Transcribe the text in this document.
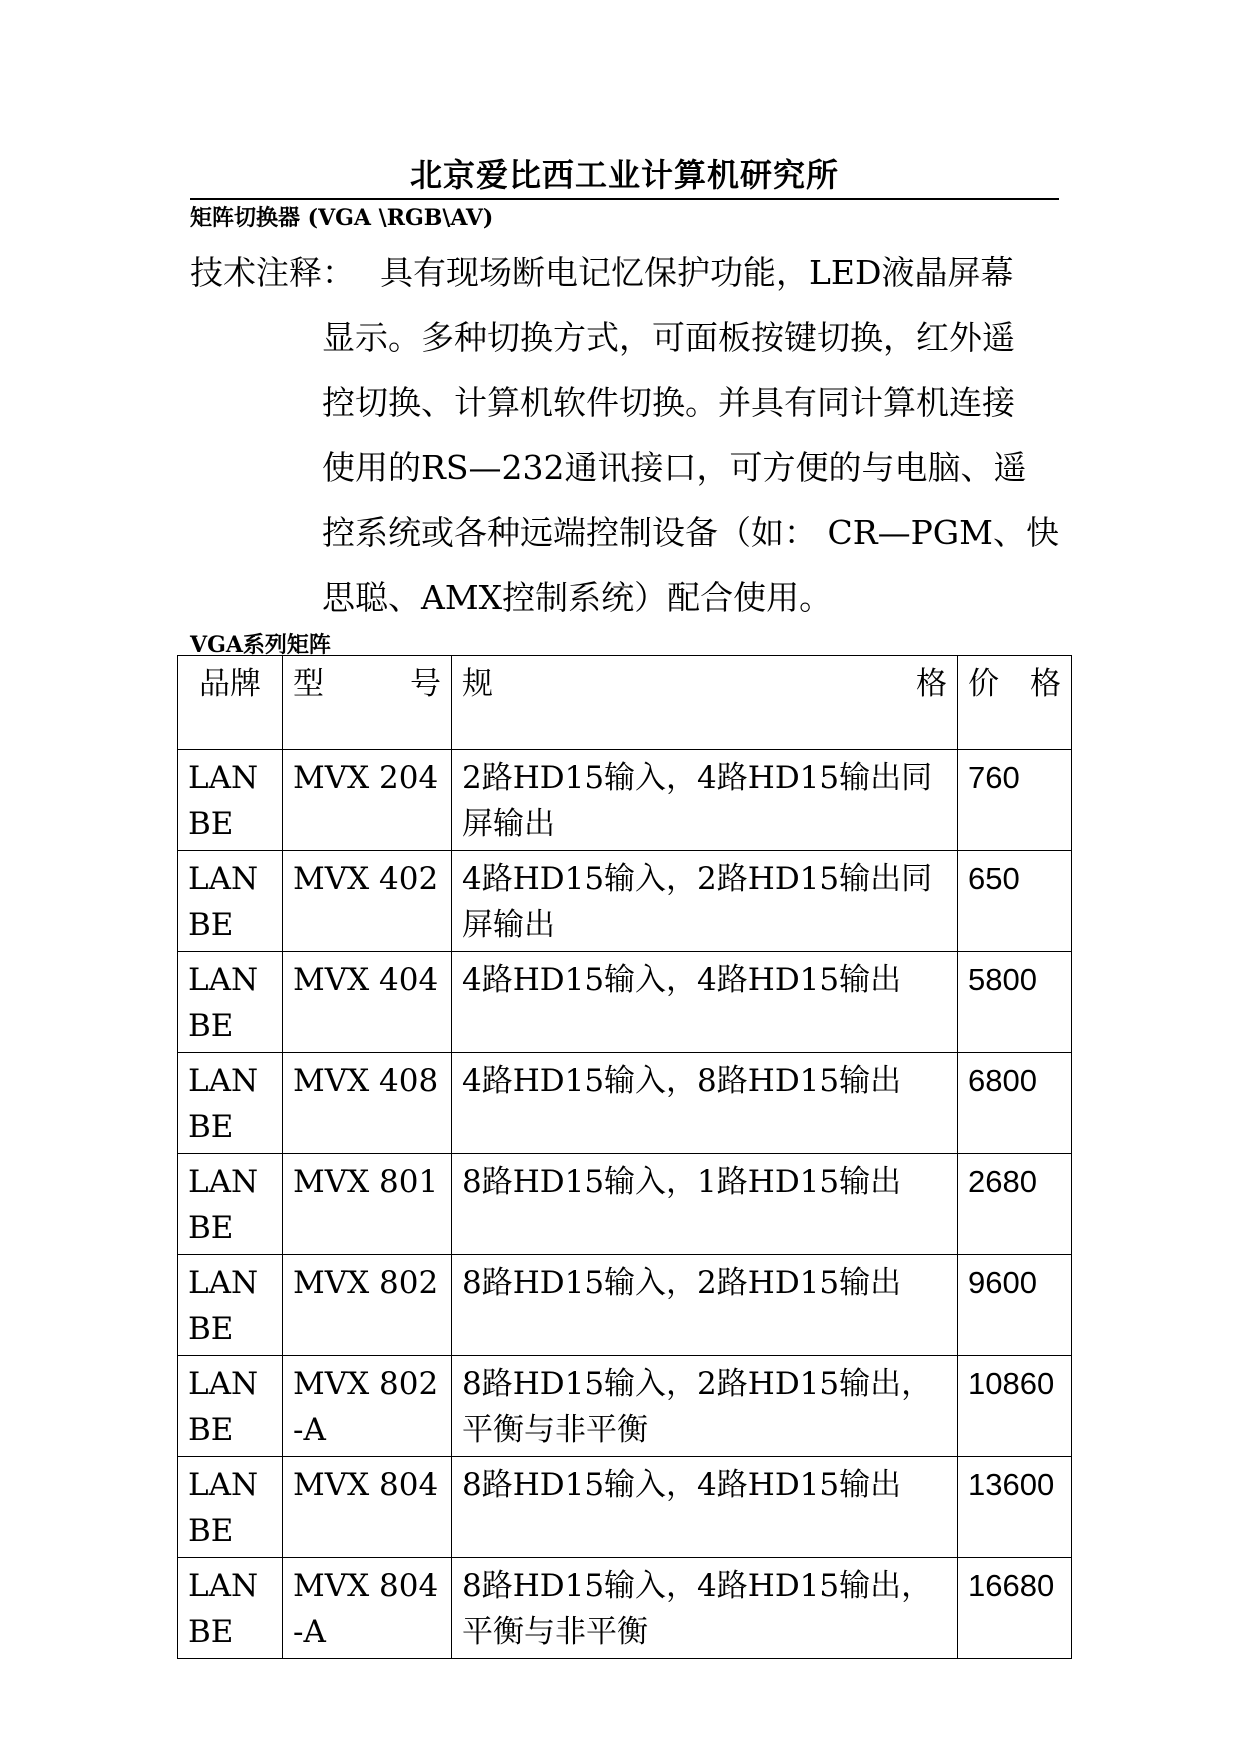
北京爱比西工业计算机研究所
矩阵切换器 (VGA \RGB\AV)
技术注释： 具有现场断电记忆保护功能，LED液晶屏幕
显示。多种切换方式，可面板按键切换，红外遥
控切换、计算机软件切换。并具有同计算机连接
使用的RS—232通讯接口，可方便的与电脑、遥
控系统或各种远端控制设备（如： CR—PGM、快
思聪、AMX控制系统）配合使用。
VGA系列矩阵
品牌	型号	规格	价格
LANBE	MVX 204	2路HD15输入，4路HD15输出同屏输出	760
LANBE	MVX 402	4路HD15输入，2路HD15输出同屏输出	650
LANBE	MVX 404	4路HD15输入，4路HD15输出	5800
LANBE	MVX 408	4路HD15输入，8路HD15输出	6800
LANBE	MVX 801	8路HD15输入，1路HD15输出	2680
LANBE	MVX 802	8路HD15输入，2路HD15输出	9600
LANBE	MVX 802-A	8路HD15输入，2路HD15输出，平衡与非平衡	10860
LANBE	MVX 804	8路HD15输入，4路HD15输出	13600
LANBE	MVX 804-A	8路HD15输入，4路HD15输出，平衡与非平衡	16680
